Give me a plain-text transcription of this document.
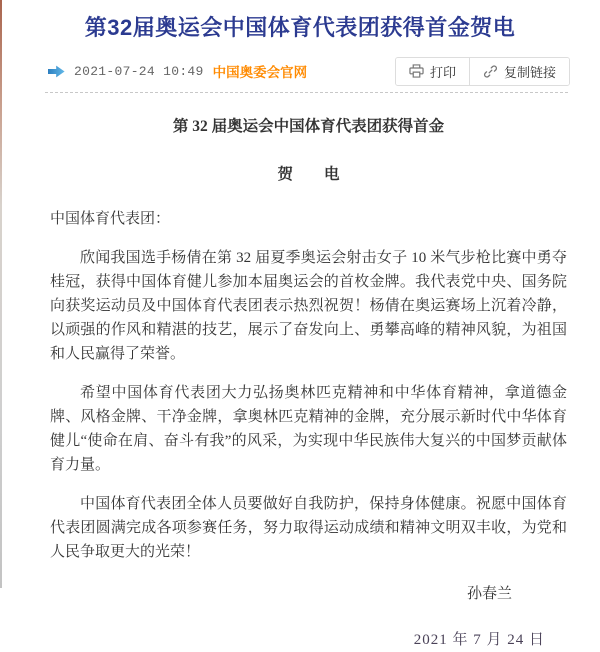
第32届奥运会中国体育代表团获得首金贺电
2021-07-24 10:49 中国奥委会官网	打印	复制链接
第 32 届奥运会中国体育代表团获得首金
贺　　电
中国体育代表团：

欣闻我国选手杨倩在第 32 届夏季奥运会射击女子 10 米气步枪比赛中勇夺桂冠，获得中国体育健儿参加本届奥运会的首枚金牌。我代表党中央、国务院向获奖运动员及中国体育代表团表示热烈祝贺！杨倩在奥运赛场上沉着冷静，以顽强的作风和精湛的技艺，展示了奋发向上、勇攀高峰的精神风貌，为祖国和人民赢得了荣誉。

希望中国体育代表团大力弘扬奥林匹克精神和中华体育精神，拿道德金牌、风格金牌、干净金牌，拿奥林匹克精神的金牌，充分展示新时代中华体育健儿“使命在肩、奋斗有我”的风采，为实现中华民族伟大复兴的中国梦贡献体育力量。

中国体育代表团全体人员要做好自我防护，保持身体健康。祝愿中国体育代表团圆满完成各项参赛任务，努力取得运动成绩和精神文明双丰收，为党和人民争取更大的光荣！

孙春兰
2021 年 7 月 24 日
